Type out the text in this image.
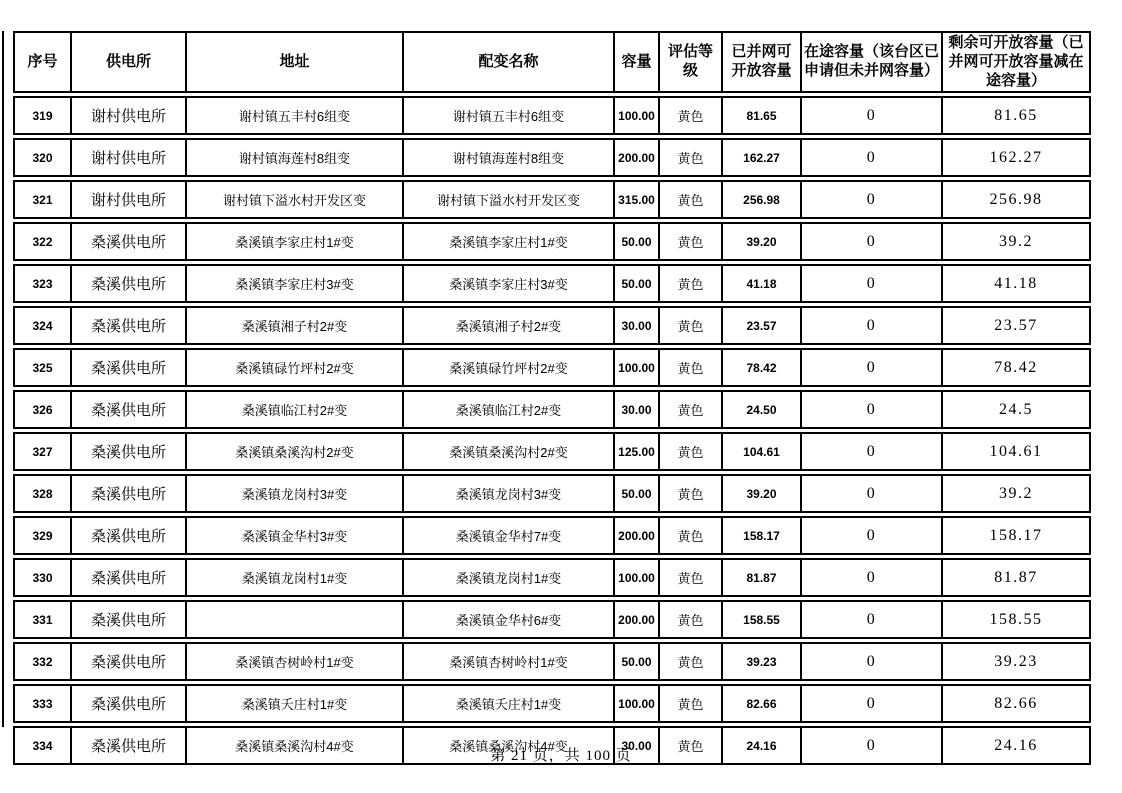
序号	供电所	地址	配变名称	容量	评估等级	已并网可开放容量	在途容量（该台区已申请但未并网容量）	剩余可开放容量（已并网可开放容量减在途容量）
319	谢村供电所	谢村镇五丰村6组变	谢村镇五丰村6组变	100.00	黄色	81.65	0	81.65
320	谢村供电所	谢村镇海莲村8组变	谢村镇海莲村8组变	200.00	黄色	162.27	0	162.27
321	谢村供电所	谢村镇下溢水村开发区变	谢村镇下溢水村开发区变	315.00	黄色	256.98	0	256.98
322	桑溪供电所	桑溪镇李家庄村1#变	桑溪镇李家庄村1#变	50.00	黄色	39.20	0	39.2
323	桑溪供电所	桑溪镇李家庄村3#变	桑溪镇李家庄村3#变	50.00	黄色	41.18	0	41.18
324	桑溪供电所	桑溪镇湘子村2#变	桑溪镇湘子村2#变	30.00	黄色	23.57	0	23.57
325	桑溪供电所	桑溪镇碌竹坪村2#变	桑溪镇碌竹坪村2#变	100.00	黄色	78.42	0	78.42
326	桑溪供电所	桑溪镇临江村2#变	桑溪镇临江村2#变	30.00	黄色	24.50	0	24.5
327	桑溪供电所	桑溪镇桑溪沟村2#变	桑溪镇桑溪沟村2#变	125.00	黄色	104.61	0	104.61
328	桑溪供电所	桑溪镇龙岗村3#变	桑溪镇龙岗村3#变	50.00	黄色	39.20	0	39.2
329	桑溪供电所	桑溪镇金华村3#变	桑溪镇金华村7#变	200.00	黄色	158.17	0	158.17
330	桑溪供电所	桑溪镇龙岗村1#变	桑溪镇龙岗村1#变	100.00	黄色	81.87	0	81.87
331	桑溪供电所		桑溪镇金华村6#变	200.00	黄色	158.55	0	158.55
332	桑溪供电所	桑溪镇杏树岭村1#变	桑溪镇杏树岭村1#变	50.00	黄色	39.23	0	39.23
333	桑溪供电所	桑溪镇夭庄村1#变	桑溪镇夭庄村1#变	100.00	黄色	82.66	0	82.66
334	桑溪供电所	桑溪镇桑溪沟村4#变	桑溪镇桑溪沟村4#变	30.00	黄色	24.16	0	24.16
第 21 页，共 100 页
